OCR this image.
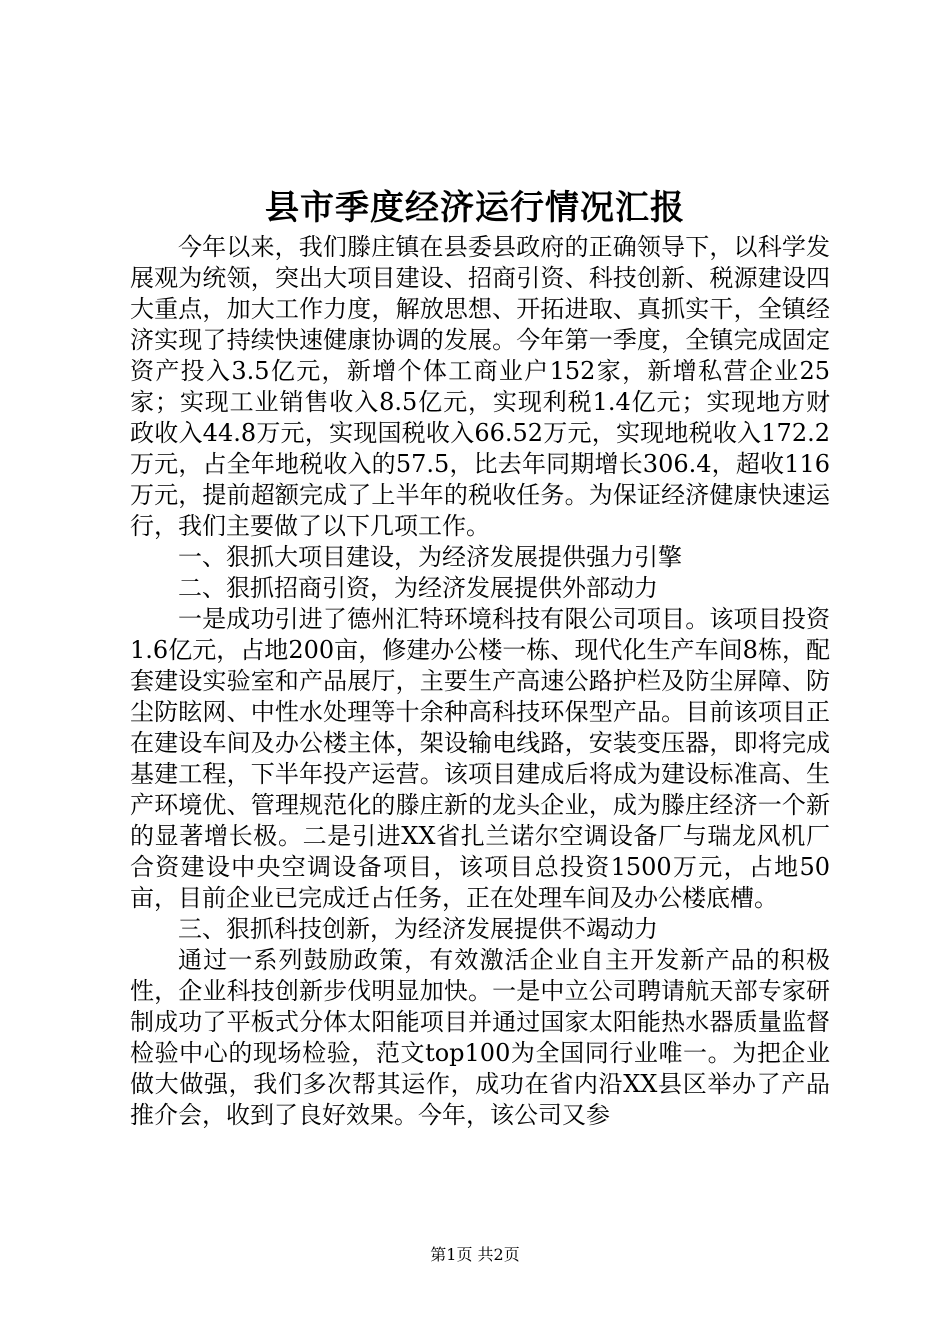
县市季度经济运行情况汇报

今年以来，我们滕庄镇在县委县政府的正确领导下，以科学发展观为统领，突出大项目建设、招商引资、科技创新、税源建设四大重点，加大工作力度，解放思想、开拓进取、真抓实干，全镇经济实现了持续快速健康协调的发展。今年第一季度，全镇完成固定资产投入3.5亿元，新增个体工商业户152家，新增私营企业25家；实现工业销售收入8.5亿元，实现利税1.4亿元；实现地方财政收入44.8万元，实现国税收入66.52万元，实现地税收入172.2万元，占全年地税收入的57.5，比去年同期增长306.4，超收116万元，提前超额完成了上半年的税收任务。为保证经济健康快速运行，我们主要做了以下几项工作。

一、狠抓大项目建设，为经济发展提供强力引擎

二、狠抓招商引资，为经济发展提供外部动力

一是成功引进了德州汇特环境科技有限公司项目。该项目投资1.6亿元，占地200亩，修建办公楼一栋、现代化生产车间8栋，配套建设实验室和产品展厅，主要生产高速公路护栏及防尘屏障、防尘防眩网、中性水处理等十余种高科技环保型产品。目前该项目正在建设车间及办公楼主体，架设输电线路，安装变压器，即将完成基建工程，下半年投产运营。该项目建成后将成为建设标准高、生产环境优、管理规范化的滕庄新的龙头企业，成为滕庄经济一个新的显著增长极。二是引进XX省扎兰诺尔空调设备厂与瑞龙风机厂合资建设中央空调设备项目，该项目总投资1500万元，占地50亩，目前企业已完成迁占任务，正在处理车间及办公楼底槽。

三、狠抓科技创新，为经济发展提供不竭动力

通过一系列鼓励政策，有效激活企业自主开发新产品的积极性，企业科技创新步伐明显加快。一是中立公司聘请航天部专家研制成功了平板式分体太阳能项目并通过国家太阳能热水器质量监督检验中心的现场检验，范文top100为全国同行业唯一。为把企业做大做强，我们多次帮其运作，成功在省内沿XX县区举办了产品推介会，收到了良好效果。今年，该公司又参

第1页 共2页
